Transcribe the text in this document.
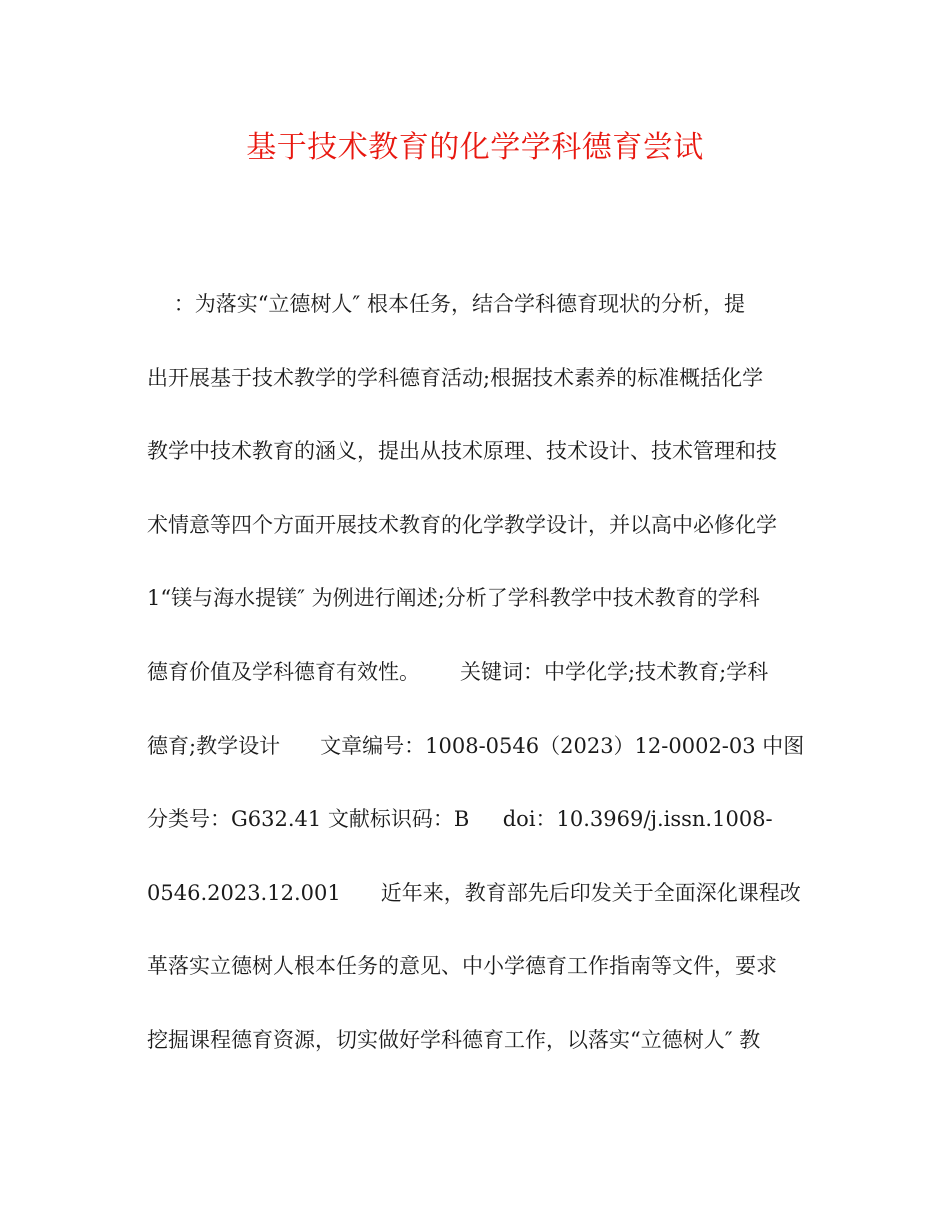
基于技术教育的化学学科德育尝试
：为落实“立德树人″ 根本任务，结合学科德育现状的分析，提
出开展基于技术教学的学科德育活动;根据技术素养的标准概括化学
教学中技术教育的涵义，提出从技术原理、技术设计、技术管理和技
术情意等四个方面开展技术教育的化学教学设计，并以高中必修化学
1“镁与海水提镁″ 为例进行阐述;分析了学科教学中技术教育的学科
德育价值及学科德育有效性。      关键词：中学化学;技术教育;学科
德育;教学设计      文章编号：1008-0546（2023）12-0002-03 中图
分类号：G632.41 文献标识码：B     doi：10.3969/j.issn.1008-
0546.2023.12.001      近年来，教育部先后印发关于全面深化课程改
革落实立德树人根本任务的意见、中小学德育工作指南等文件，要求
挖掘课程德育资源，切实做好学科德育工作，以落实“立德树人″ 教
